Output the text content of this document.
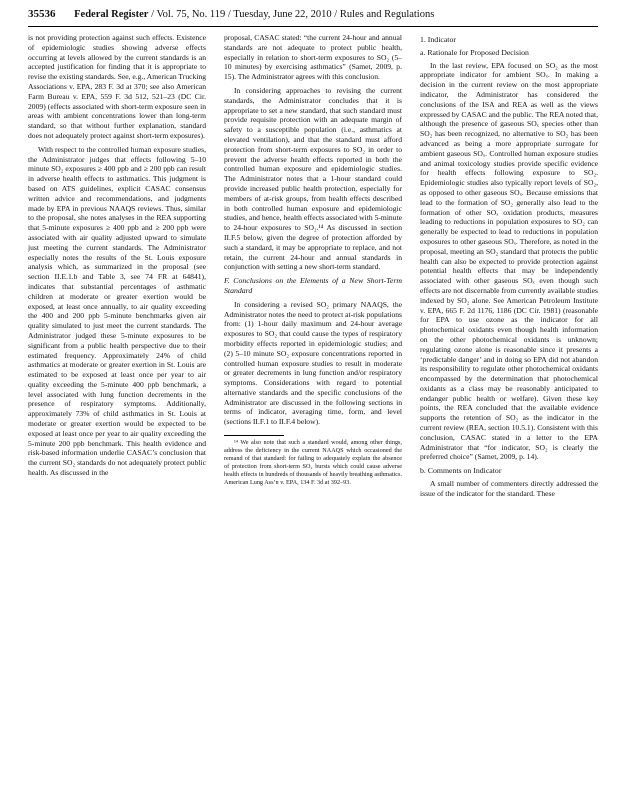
35536 Federal Register / Vol. 75, No. 119 / Tuesday, June 22, 2010 / Rules and Regulations

is not providing protection against such effects. Existence of epidemiologic studies showing adverse effects occurring at levels allowed by the current standards is an accepted justification for finding that it is appropriate to revise the existing standards. See, e.g., American Trucking Associations v. EPA, 283 F. 3d at 370; see also American Farm Bureau v. EPA, 559 F. 3d 512, 521–23 (DC Cir. 2009) (effects associated with short-term exposure seen in areas with ambient concentrations lower than long-term standard, so that without further explanation, standard does not adequately protect against short-term exposures).

With respect to the controlled human exposure studies, the Administrator judges that effects following 5–10 minute SO₂ exposures ≥ 400 ppb and ≥ 200 ppb can result in adverse health effects to asthmatics. This judgment is based on ATS guidelines, explicit CASAC consensus written advice and recommendations, and judgments made by EPA in previous NAAQS reviews. Thus, similar to the proposal, she notes analyses in the REA supporting that 5-minute exposures ≥ 400 ppb and ≥ 200 ppb were associated with air quality adjusted upward to simulate just meeting the current standards. The Administrator especially notes the results of the St. Louis exposure analysis which, as summarized in the proposal (see section II.E.1.b and Table 3, see 74 FR at 64841), indicates that substantial percentages of asthmatic children at moderate or greater exertion would be exposed, at least once annually, to air quality exceeding the 400 and 200 ppb 5-minute benchmarks given air quality simulated to just meet the current standards. The Administrator judged these 5-minute exposures to be significant from a public health perspective due to their estimated frequency. Approximately 24% of child asthmatics at moderate or greater exertion in St. Louis are estimated to be exposed at least once per year to air quality exceeding the 5-minute 400 ppb benchmark, a level associated with lung function decrements in the presence of respiratory symptoms. Additionally, approximately 73% of child asthmatics in St. Louis at moderate or greater exertion would be expected to be exposed at least once per year to air quality exceeding the 5-minute 200 ppb benchmark. This health evidence and risk-based information underlie CASAC’s conclusion that the current SO₂ standards do not adequately protect public health. As discussed in the

proposal, CASAC stated: “the current 24-hour and annual standards are not adequate to protect public health, especially in relation to short-term exposures to SO₂ (5–10 minutes) by exercising asthmatics” (Samet, 2009, p. 15). The Administrator agrees with this conclusion.

In considering approaches to revising the current standards, the Administrator concludes that it is appropriate to set a new standard, that such standard must provide requisite protection with an adequate margin of safety to a susceptible population (i.e., asthmatics at elevated ventilation), and that the standard must afford protection from short-term exposures to SO₂ in order to prevent the adverse health effects reported in both the controlled human exposure and epidemiologic studies. The Administrator notes that a 1-hour standard could provide increased public health protection, especially for members of at-risk groups, from health effects described in both controlled human exposure and epidemiologic studies, and hence, health effects associated with 5-minute to 24-hour exposures to SO₂.¹⁴ As discussed in section II.F.5 below, given the degree of protection afforded by such a standard, it may be appropriate to replace, and not retain, the current 24-hour and annual standards in conjunction with setting a new short-term standard.

F. Conclusions on the Elements of a New Short-Term Standard

In considering a revised SO₂ primary NAAQS, the Administrator notes the need to protect at-risk populations from: (1) 1-hour daily maximum and 24-hour average exposures to SO₂ that could cause the types of respiratory morbidity effects reported in epidemiologic studies; and (2) 5–10 minute SO₂ exposure concentrations reported in controlled human exposure studies to result in moderate or greater decrements in lung function and/or respiratory symptoms. Considerations with regard to potential alternative standards and the specific conclusions of the Administrator are discussed in the following sections in terms of indicator, averaging time, form, and level (sections II.F.1 to II.F.4 below).

¹⁴ We also note that such a standard would, among other things, address the deficiency in the current NAAQS which occasioned the remand of that standard: for failing to adequately explain the absence of protection from short-term SO₂ bursts which could cause adverse health effects in hundreds of thousands of heavily breathing asthmatics. American Lung Ass’n v. EPA, 134 F. 3d at 392–93.

1. Indicator
a. Rationale for Proposed Decision

In the last review, EPA focused on SO₂ as the most appropriate indicator for ambient SOₓ. In making a decision in the current review on the most appropriate indicator, the Administrator has considered the conclusions of the ISA and REA as well as the views expressed by CASAC and the public. The REA noted that, although the presence of gaseous SOₓ species other than SO₂ has been recognized, no alternative to SO₂ has been advanced as being a more appropriate surrogate for ambient gaseous SOₓ. Controlled human exposure studies and animal toxicology studies provide specific evidence for health effects following exposure to SO₂. Epidemiologic studies also typically report levels of SO₂, as opposed to other gaseous SOₓ. Because emissions that lead to the formation of SO₂ generally also lead to the formation of other SOₓ oxidation products, measures leading to reductions in population exposures to SO₂ can generally be expected to lead to reductions in population exposures to other gaseous SOₓ. Therefore, as noted in the proposal, meeting an SO₂ standard that protects the public health can also be expected to provide protection against potential health effects that may be independently associated with other gaseous SOₓ even though such effects are not discernable from currently available studies indexed by SO₂ alone. See American Petroleum Institute v. EPA, 665 F. 2d 1176, 1186 (DC Cir. 1981) (reasonable for EPA to use ozone as the indicator for all photochemical oxidants even though health information on the other photochemical oxidants is unknown; regulating ozone alone is reasonable since it presents a ‘predictable danger’ and in doing so EPA did not abandon its responsibility to regulate other photochemical oxidants encompassed by the determination that photochemical oxidants as a class may be reasonably anticipated to endanger public health or welfare). Given these key points, the REA concluded that the available evidence supports the retention of SO₂ as the indicator in the current review (REA, section 10.5.1). Consistent with this conclusion, CASAC stated in a letter to the EPA Administrator that “for indicator, SO₂ is clearly the preferred choice” (Samet, 2009, p. 14).

b. Comments on Indicator

A small number of commenters directly addressed the issue of the indicator for the standard. These
